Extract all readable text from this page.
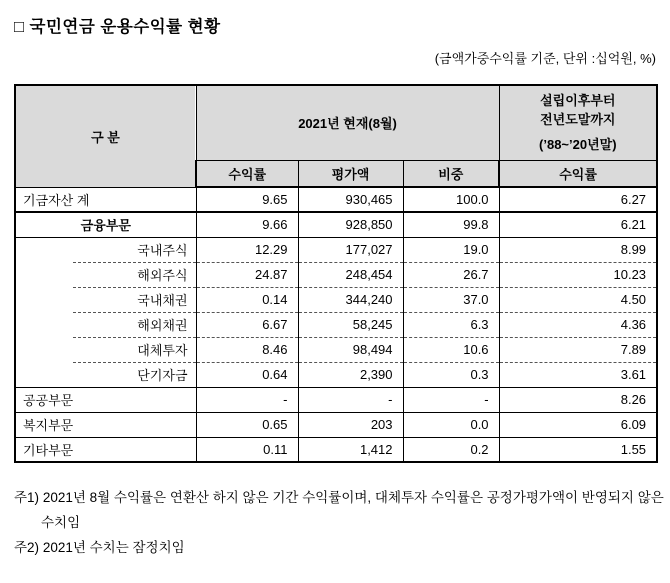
□ 국민연금 운용수익률 현황
(금액가중수익률 기준, 단위 :십억원, %)
구 분		2021년 현재(8월)			설립이후부터
전년도말까지
(’88~’20년말)

		수익률	평가액	비중	수익률
기금자산 계		9.65	930,465	100.0	6.27
금융부문		9.66	928,850	99.8	6.21
	국내주식	12.29	177,027	19.0	8.99
	해외주식	24.87	248,454	26.7	10.23
	국내채권	0.14	344,240	37.0	4.50
	해외채권	6.67	58,245	6.3	4.36
	대체투자	8.46	98,494	10.6	7.89
	단기자금	0.64	2,390	0.3	3.61
공공부문		-	-	-	8.26
복지부문		0.65	203	0.0	6.09
기타부문		0.11	1,412	0.2	1.55

주1) 2021년 8월 수익률은 연환산 하지 않은 기간 수익률이며, 대체투자 수익률은 공정가평가액이 반영되지 않은 수치임

주2) 2021년 수치는 잠정치임
